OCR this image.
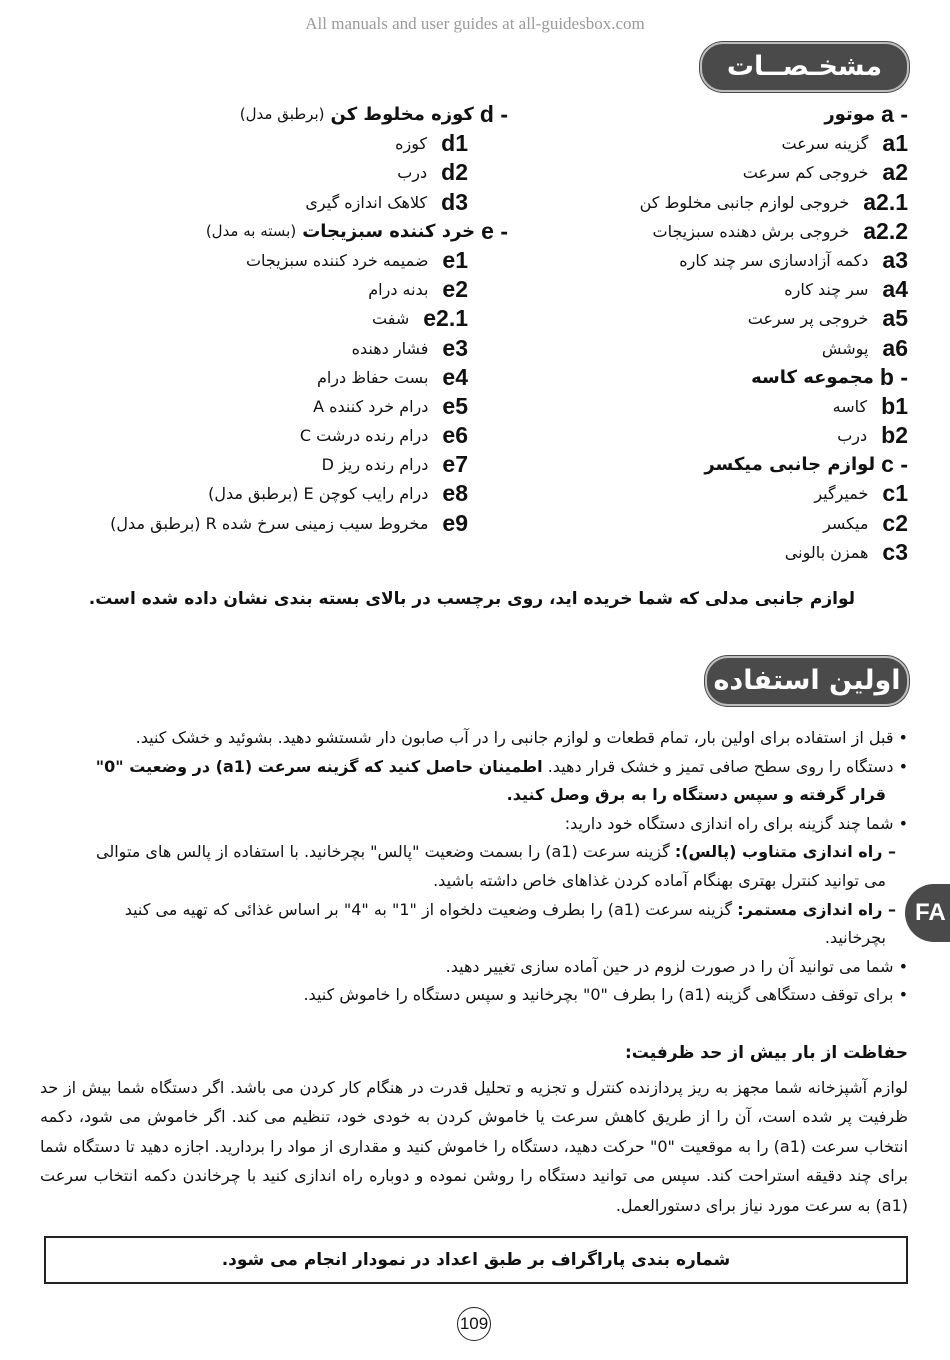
All manuals and user guides at all-guidesbox.com
مشخـصــات
a -
موتور
a1
گزینه سرعت
a2
خروجی کم سرعت
a2.1
خروجی لوازم جانبی مخلوط کن
a2.2
خروجی برش دهنده سبزیجات
a3
دکمه آزادسازی سر چند کاره
a4
سر چند کاره
a5
خروجی پر سرعت
a6
پوشش
b -
مجموعه کاسه
b1
کاسه
b2
درب
c -
لوازم جانبی میکسر
c1
خمیرگیر
c2
میکسر
c3
همزن بالونی
d -
کوزه مخلوط کن
(برطبق مدل)
d1
کوزه
d2
درب
d3
کلاهک اندازه گیری
e -
خرد کننده سبزیجات
(بسته به مدل)
e1
ضمیمه خرد کننده سبزیجات
e2
بدنه درام
e2.1
شفت
e3
فشار دهنده
e4
بست حفاظ درام
e5
درام خرد کننده A
e6
درام رنده درشت C
e7
درام رنده ریز D
e8
درام رایب کوچن E (برطبق مدل)
e9
مخروط سیب زمینی سرخ شده R (برطبق مدل)
لوازم جانبی مدلی که شما خریده اید، روی برچسب در بالای بسته بندی نشان داده شده است.
اولین استفاده

• قبل از استفاده برای اولین بار، تمام قطعات و لوازم جانبی را در آب صابون دار شستشو دهید. بشوئید و خشک کنید.

• دستگاه را روی سطح صافی تمیز و خشک قرار دهید. اطمینان حاصل کنید که گزینه سرعت (a1) در وضعیت "0"

قرار گرفته و سپس دستگاه را به برق وصل کنید.

• شما چند گزینه برای راه اندازی دستگاه خود دارید:

– راه اندازی متناوب (پالس): گزینه سرعت (a1) را بسمت وضعیت "پالس" بچرخانید. با استفاده از پالس های متوالی

می توانید کنترل بهتری بهنگام آماده کردن غذاهای خاص داشته باشید.

– راه اندازی مستمر: گزینه سرعت (a1) را بطرف وضعیت دلخواه از "1" به "4" بر اساس غذائی که تهیه می کنید

بچرخانید.

• شما می توانید آن را در صورت لزوم در حین آماده سازی تغییر دهید.

• برای توقف دستگاهی گزینه (a1) را بطرف "0" بچرخانید و سپس دستگاه را خاموش کنید.

حفاظت از بار بیش از حد ظرفیت:
لوازم آشپزخانه شما مجهز به ریز پردازنده کنترل و تجزیه و تحلیل قدرت در هنگام کار کردن می باشد. اگر دستگاه شما بیش از حد ظرفیت پر شده است، آن را از طریق کاهش سرعت یا خاموش کردن به خودی خود، تنظیم می کند. اگر خاموش می شود، دکمه انتخاب سرعت (a1) را به موقعیت "0" حرکت دهید، دستگاه را خاموش کنید و مقداری از مواد را بردارید. اجازه دهید تا دستگاه شما برای چند دقیقه استراحت کند. سپس می توانید دستگاه را روشن نموده و دوباره راه اندازی کنید با چرخاندن دکمه انتخاب سرعت (a1) به سرعت مورد نیاز برای دستورالعمل.
شماره بندی پاراگراف بر طبق اعداد در نمودار انجام می شود.
109
FA
